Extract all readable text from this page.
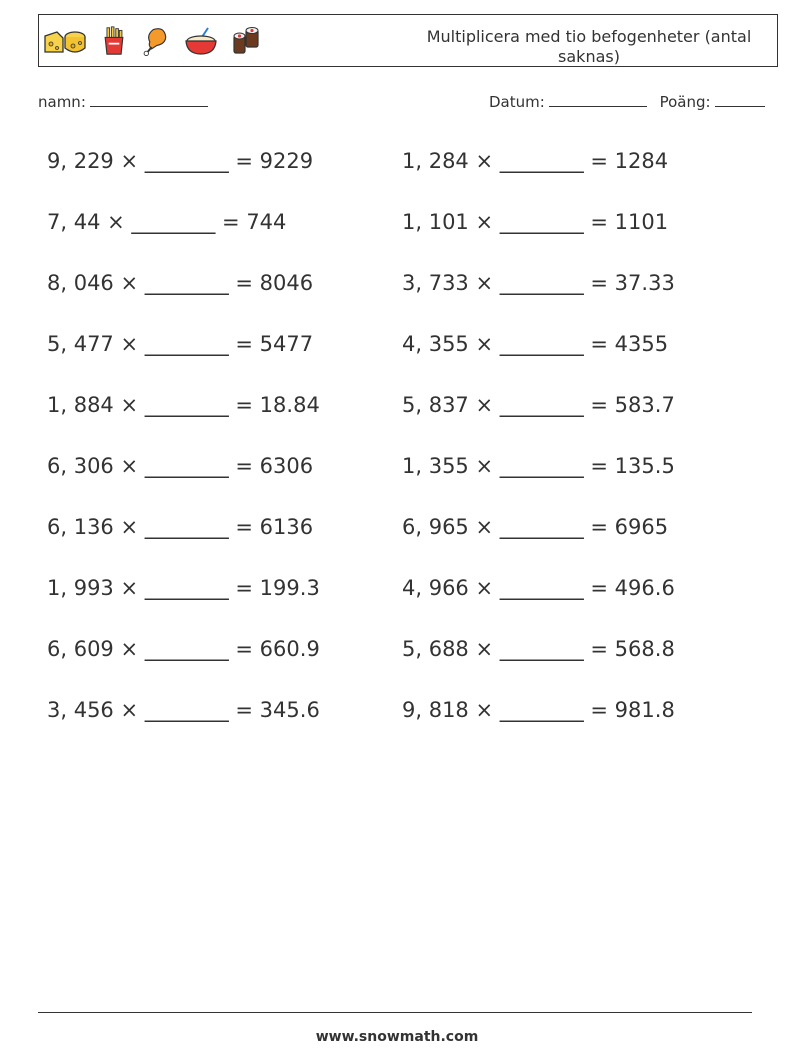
Multiplicera med tio befogenheter (antal saknas)
namn:	Datum:	Poäng:
9, 229 × ________ = 9229
7, 44 × ________ = 744
8, 046 × ________ = 8046
5, 477 × ________ = 5477
1, 884 × ________ = 18.84
6, 306 × ________ = 6306
6, 136 × ________ = 6136
1, 993 × ________ = 199.3
6, 609 × ________ = 660.9
3, 456 × ________ = 345.6
1, 284 × ________ = 1284
1, 101 × ________ = 1101
3, 733 × ________ = 37.33
4, 355 × ________ = 4355
5, 837 × ________ = 583.7
1, 355 × ________ = 135.5
6, 965 × ________ = 6965
4, 966 × ________ = 496.6
5, 688 × ________ = 568.8
9, 818 × ________ = 981.8
www.snowmath.com
